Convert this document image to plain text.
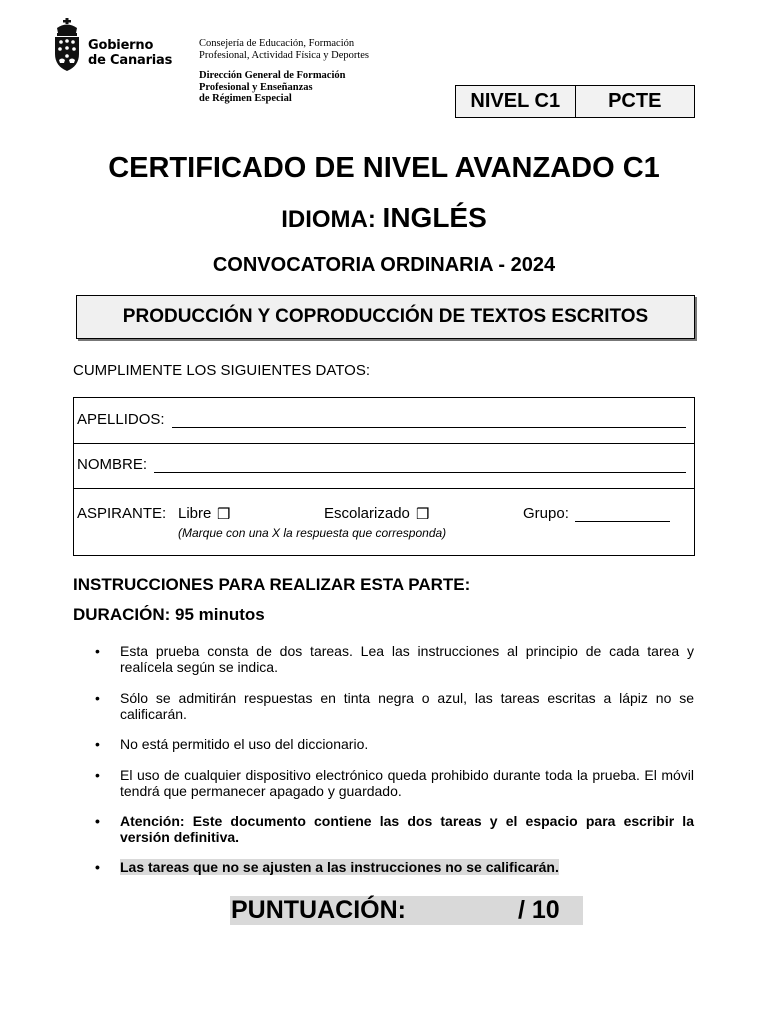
Gobierno
de Canarias
Consejería de Educación, Formación
Profesional, Actividad Física y Deportes
Dirección General de Formación
Profesional y Enseñanzas
de Régimen Especial	NIVEL C1	PCTE
CERTIFICADO DE NIVEL AVANZADO C1
IDIOMA: INGLÉS
CONVOCATORIA ORDINARIA - 2024
PRODUCCIÓN Y COPRODUCCIÓN DE TEXTOS ESCRITOS
CUMPLIMENTE LOS SIGUIENTES DATOS:
APELLIDOS:
NOMBRE:
ASPIRANTE: Libre ❒	Escolarizado ❒	Grupo:
(Marque con una X la respuesta que corresponda)
INSTRUCCIONES PARA REALIZAR ESTA PARTE:
DURACIÓN: 95 minutos
• Esta prueba consta de dos tareas. Lea las instrucciones al principio de cada tarea y realícela según se indica.
• Sólo se admitirán respuestas en tinta negra o azul, las tareas escritas a lápiz no se calificarán.
• No está permitido el uso del diccionario.
• El uso de cualquier dispositivo electrónico queda prohibido durante toda la prueba. El móvil tendrá que permanecer apagado y guardado.
• Atención: Este documento contiene las dos tareas y el espacio para escribir la versión definitiva.
• Las tareas que no se ajusten a las instrucciones no se calificarán.
PUNTUACIÓN:	/ 10
